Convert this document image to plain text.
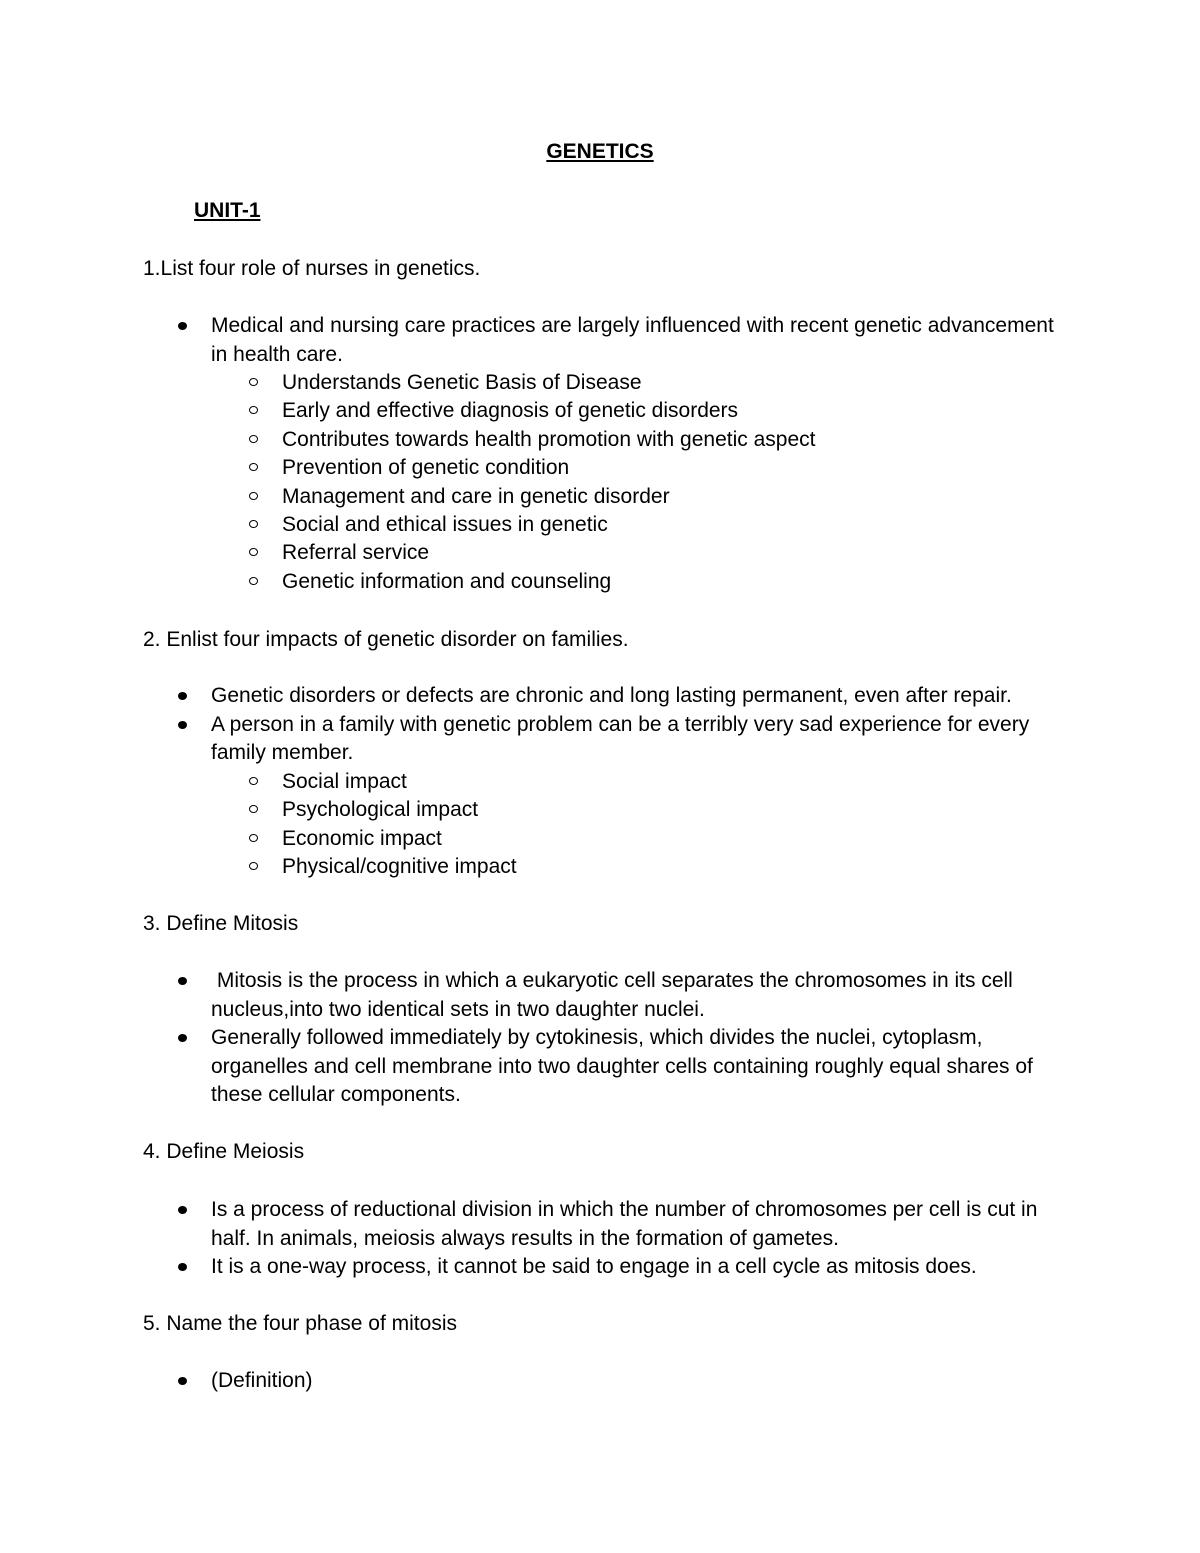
GENETICS
UNIT-1
1.List four role of nurses in genetics.
Medical and nursing care practices are largely influenced with recent genetic advancement in health care.
Understands Genetic Basis of Disease
Early and effective diagnosis of genetic disorders
Contributes towards health promotion with genetic aspect
Prevention of genetic condition
Management and care in genetic disorder
Social and ethical issues in genetic
Referral service
Genetic information and counseling
2. Enlist four impacts of genetic disorder on families.
Genetic disorders or defects are chronic and long lasting permanent, even after repair.
A person in a family with genetic problem can be a terribly very sad experience for every family member.
Social impact
Psychological impact
Economic impact
Physical/cognitive impact
3. Define Mitosis
Mitosis is the process in which a eukaryotic cell separates the chromosomes in its cell nucleus,into two identical sets in two daughter nuclei.
Generally followed immediately by cytokinesis, which divides the nuclei, cytoplasm, organelles and cell membrane into two daughter cells containing roughly equal shares of these cellular components.
4. Define Meiosis
Is a process of reductional division in which the number of chromosomes per cell is cut in half. In animals, meiosis always results in the formation of gametes.
It is a one-way process, it cannot be said to engage in a cell cycle as mitosis does.
5. Name the four phase of mitosis
(Definition)
